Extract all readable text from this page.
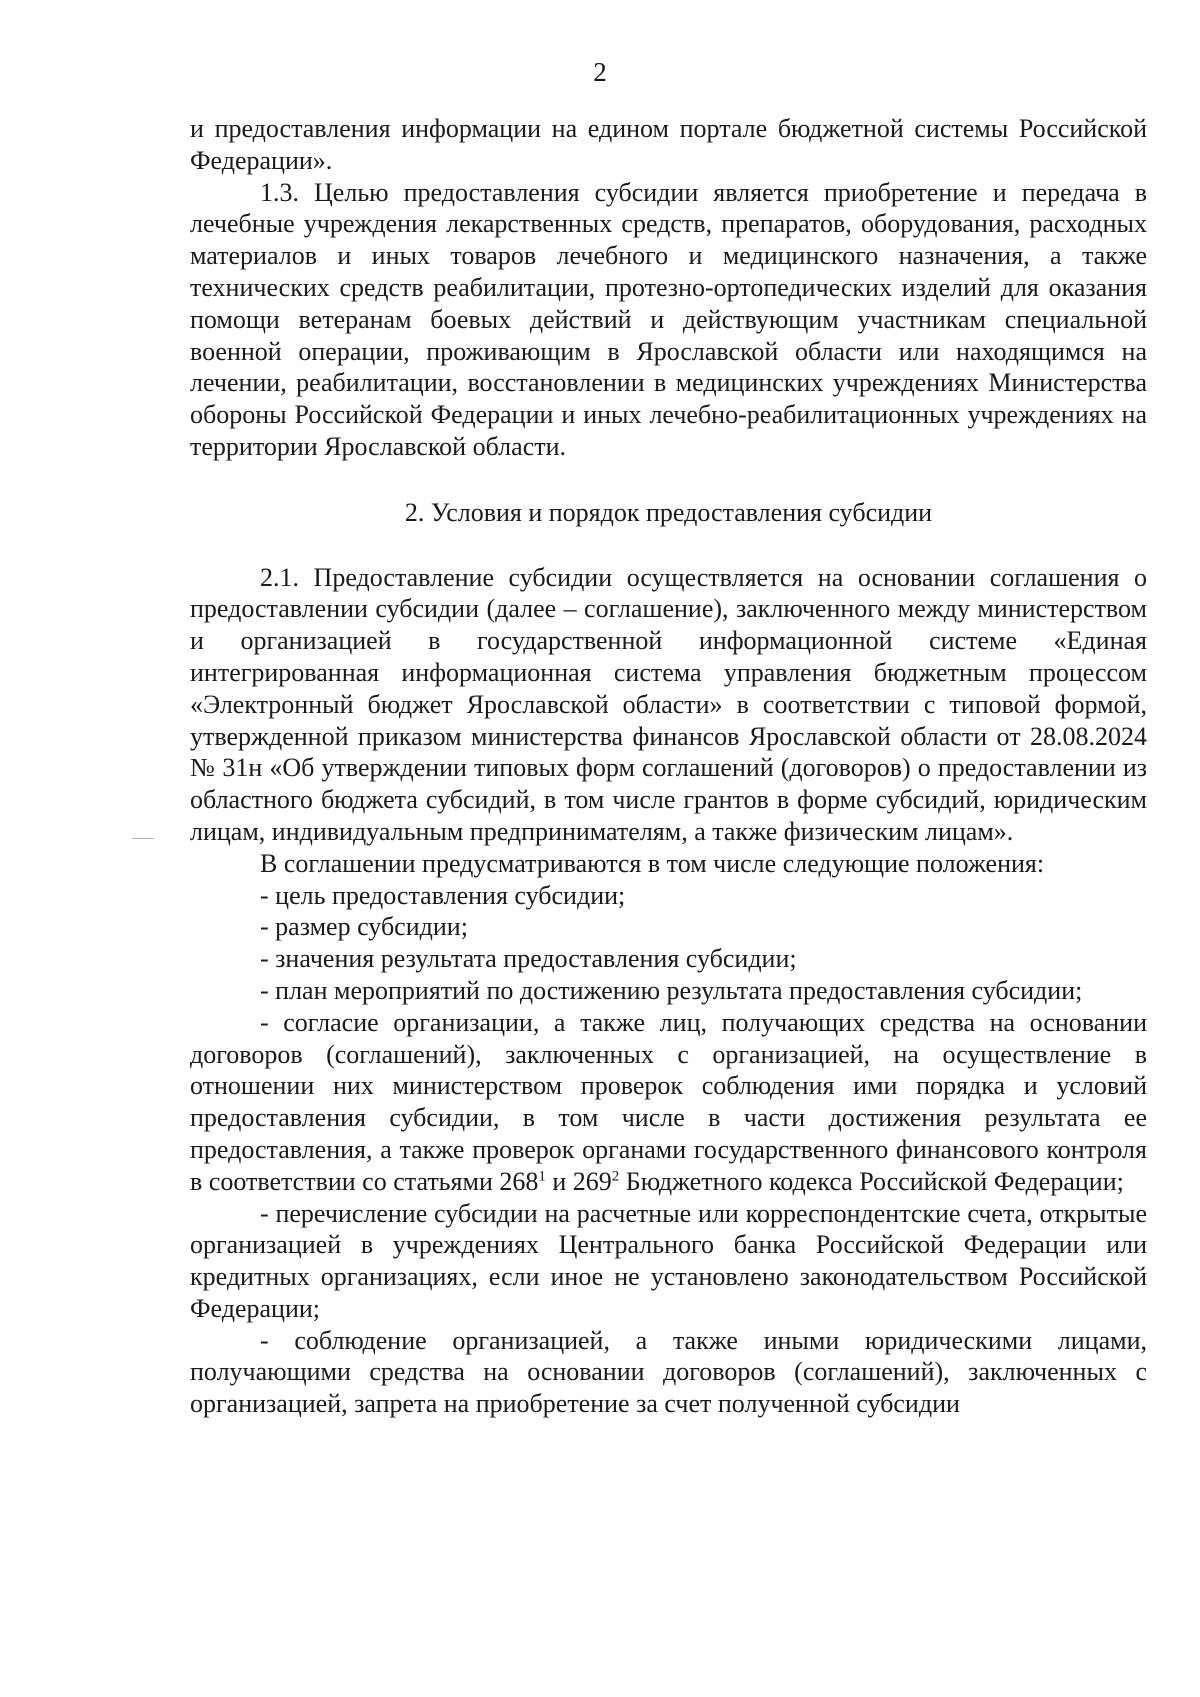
2

и предоставления информации на едином портале бюджетной системы Российской Федерации».

1.3. Целью предоставления субсидии является приобретение и передача в лечебные учреждения лекарственных средств, препаратов, оборудования, расходных материалов и иных товаров лечебного и медицинского назначения, а также технических средств реабилитации, протезно-ортопедических изделий для оказания помощи ветеранам боевых действий и действующим участникам специальной военной операции, проживающим в Ярославской области или находящимся на лечении, реабилитации, восстановлении в медицинских учреждениях Министерства обороны Российской Федерации и иных лечебно-реабилитационных учреждениях на территории Ярославской области.

2. Условия и порядок предоставления субсидии

2.1. Предоставление субсидии осуществляется на основании соглашения о предоставлении субсидии (далее – соглашение), заключенного между министерством и организацией в государственной информационной системе «Единая интегрированная информационная система управления бюджетным процессом «Электронный бюджет Ярославской области» в соответствии с типовой формой, утвержденной приказом министерства финансов Ярославской области от 28.08.2024 № 31н «Об утверждении типовых форм соглашений (договоров) о предоставлении из областного бюджета субсидий, в том числе грантов в форме субсидий, юридическим лицам, индивидуальным предпринимателям, а также физическим лицам».

В соглашении предусматриваются в том числе следующие положения:

- цель предоставления субсидии;

- размер субсидии;

- значения результата предоставления субсидии;

- план мероприятий по достижению результата предоставления субсидии;

- согласие организации, а также лиц, получающих средства на основании договоров (соглашений), заключенных с организацией, на осуществление в отношении них министерством проверок соблюдения ими порядка и условий предоставления субсидии, в том числе в части достижения результата ее предоставления, а также проверок органами государственного финансового контроля в соответствии со статьями $268^1$ и $269^2$ Бюджетного кодекса Российской Федерации;

- перечисление субсидии на расчетные или корреспондентские счета, открытые организацией в учреждениях Центрального банка Российской Федерации или кредитных организациях, если иное не установлено законодательством Российской Федерации;

- соблюдение организацией, а также иными юридическими лицами, получающими средства на основании договоров (соглашений), заключенных с организацией, запрета на приобретение за счет полученной субсидии
